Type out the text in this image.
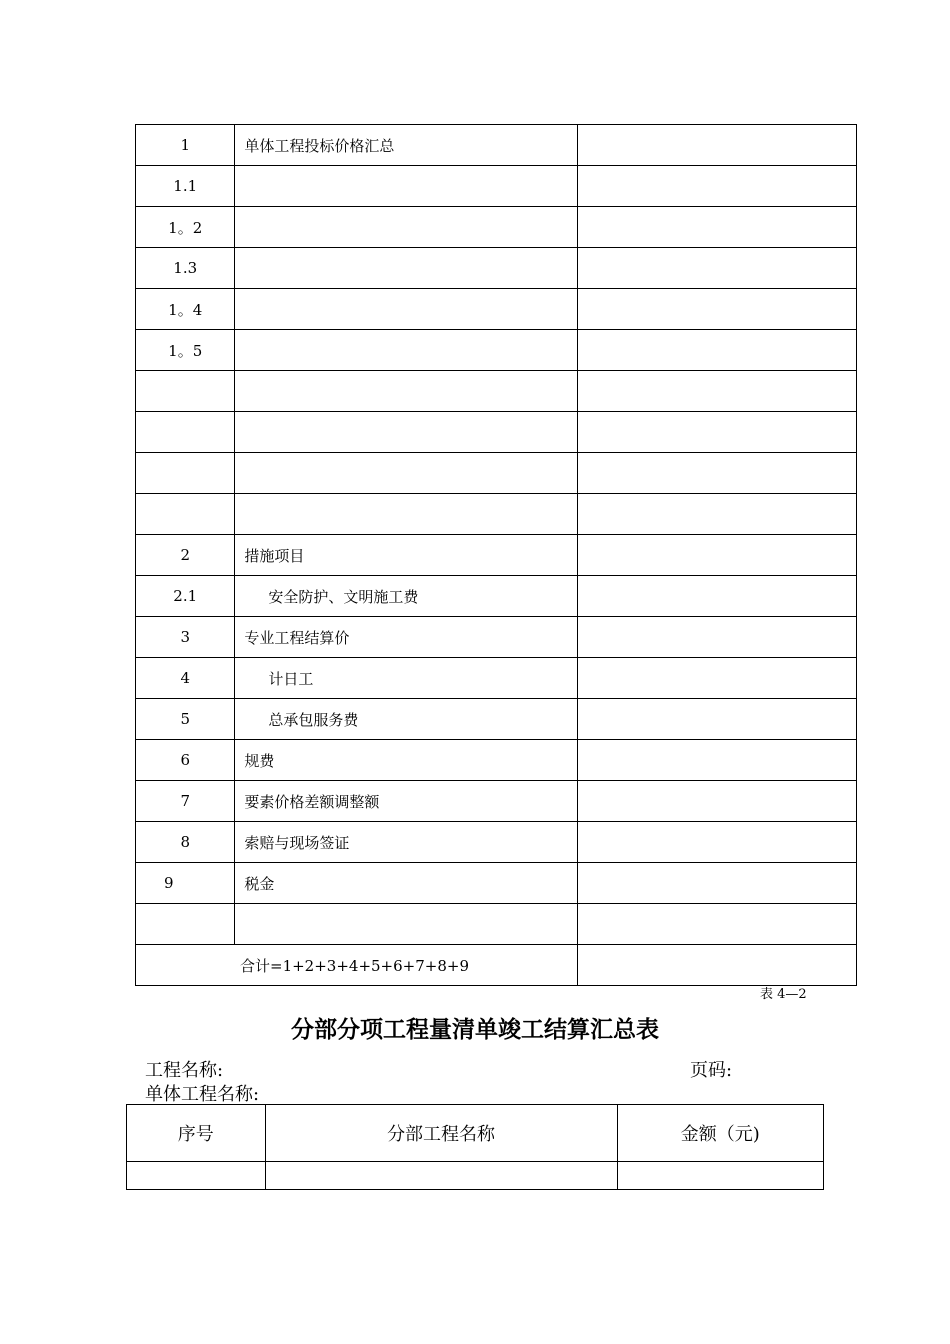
1	单体工程投标价格汇总	
1.1		
1。2		
1.3		
1。4		
1。5		

2	措施项目	
2.1	安全防护、文明施工费	
3	专业工程结算价	
4	计日工	
5	总承包服务费	
6	规费	
7	要素价格差额调整额	
8	索赔与现场签证	
9	税金	

合计=1+2+3+4+5+6+7+8+9		
表 4—2
分部分项工程量清单竣工结算汇总表
工程名称:	页码:
单体工程名称:
序号	分部工程名称	金额（元)
